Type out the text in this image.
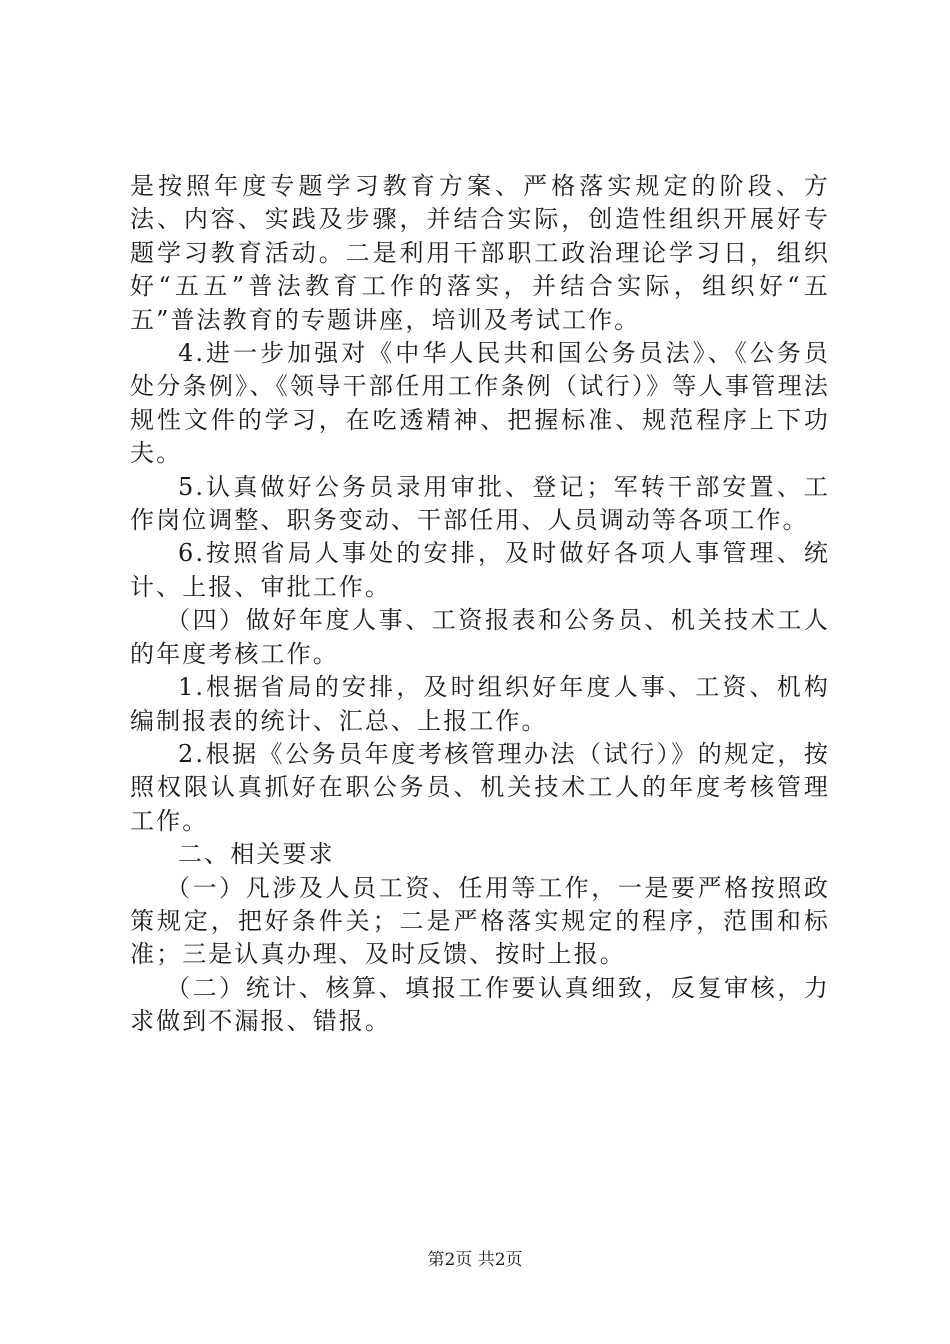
是按照年度专题学习教育方案、严格落实规定的阶段、方法、内容、实践及步骤，并结合实际，创造性组织开展好专题学习教育活动。二是利用干部职工政治理论学习日，组织好“五五”普法教育工作的落实，并结合实际，组织好“五五”普法教育的专题讲座，培训及考试工作。

4.进一步加强对《中华人民共和国公务员法》、《公务员处分条例》、《领导干部任用工作条例（试行）》等人事管理法规性文件的学习，在吃透精神、把握标准、规范程序上下功夫。

5.认真做好公务员录用审批、登记；军转干部安置、工作岗位调整、职务变动、干部任用、人员调动等各项工作。

6.按照省局人事处的安排，及时做好各项人事管理、统计、上报、审批工作。

（四）做好年度人事、工资报表和公务员、机关技术工人的年度考核工作。

1.根据省局的安排，及时组织好年度人事、工资、机构编制报表的统计、汇总、上报工作。

2.根据《公务员年度考核管理办法（试行）》的规定，按照权限认真抓好在职公务员、机关技术工人的年度考核管理工作。

二、相关要求

（一）凡涉及人员工资、任用等工作，一是要严格按照政策规定，把好条件关；二是严格落实规定的程序，范围和标准；三是认真办理、及时反馈、按时上报。

（二）统计、核算、填报工作要认真细致，反复审核，力求做到不漏报、错报。

第2页 共2页
